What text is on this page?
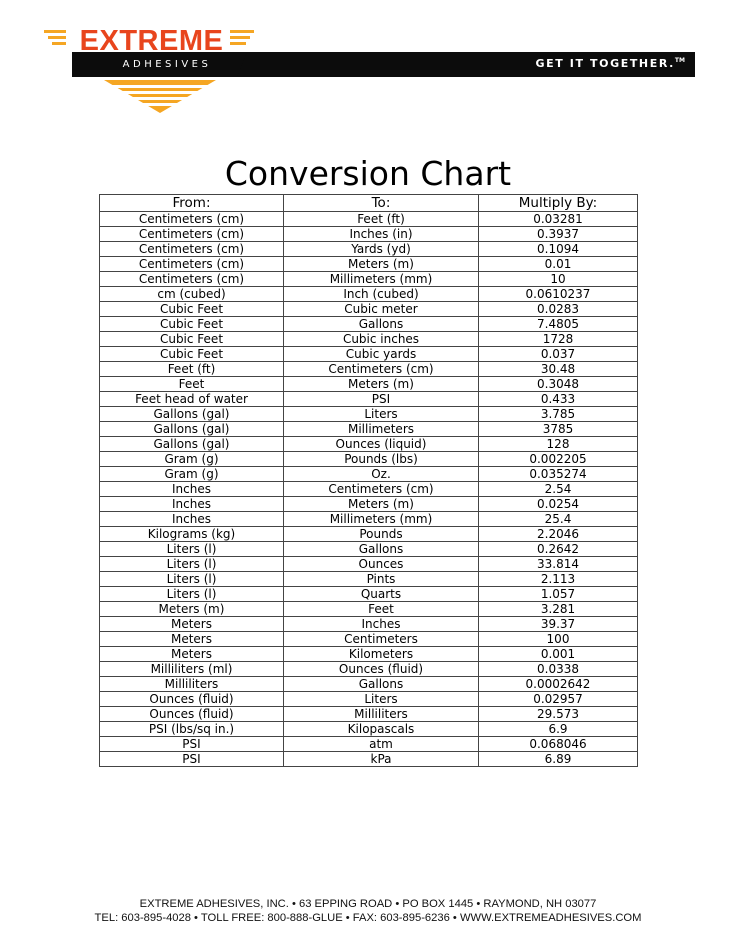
GET IT TOGETHER.™
EXTREME
ADHESIVES
Conversion Chart
From:	To:	Multiply By:
Centimeters (cm)	Feet (ft)	0.03281
Centimeters (cm)	Inches (in)	0.3937
Centimeters (cm)	Yards (yd)	0.1094
Centimeters (cm)	Meters (m)	0.01
Centimeters (cm)	Millimeters (mm)	10
cm (cubed)	Inch (cubed)	0.0610237
Cubic Feet	Cubic meter	0.0283
Cubic Feet	Gallons	7.4805
Cubic Feet	Cubic inches	1728
Cubic Feet	Cubic yards	0.037
Feet (ft)	Centimeters (cm)	30.48
Feet	Meters (m)	0.3048
Feet head of water	PSI	0.433
Gallons (gal)	Liters	3.785
Gallons (gal)	Millimeters	3785
Gallons (gal)	Ounces (liquid)	128
Gram (g)	Pounds (lbs)	0.002205
Gram (g)	Oz.	0.035274
Inches	Centimeters (cm)	2.54
Inches	Meters (m)	0.0254
Inches	Millimeters (mm)	25.4
Kilograms (kg)	Pounds	2.2046
Liters (l)	Gallons	0.2642
Liters (l)	Ounces	33.814
Liters (l)	Pints	2.113
Liters (l)	Quarts	1.057
Meters (m)	Feet	3.281
Meters	Inches	39.37
Meters	Centimeters	100
Meters	Kilometers	0.001
Milliliters (ml)	Ounces (fluid)	0.0338
Milliliters	Gallons	0.0002642
Ounces (fluid)	Liters	0.02957
Ounces (fluid)	Milliliters	29.573
PSI (lbs/sq in.)	Kilopascals	6.9
PSI	atm	0.068046
PSI	kPa	6.89
EXTREME ADHESIVES, INC. • 63 EPPING ROAD • PO BOX 1445 • RAYMOND, NH 03077
TEL: 603-895-4028 • TOLL FREE: 800-888-GLUE • FAX: 603-895-6236 • WWW.EXTREMEADHESIVES.COM
